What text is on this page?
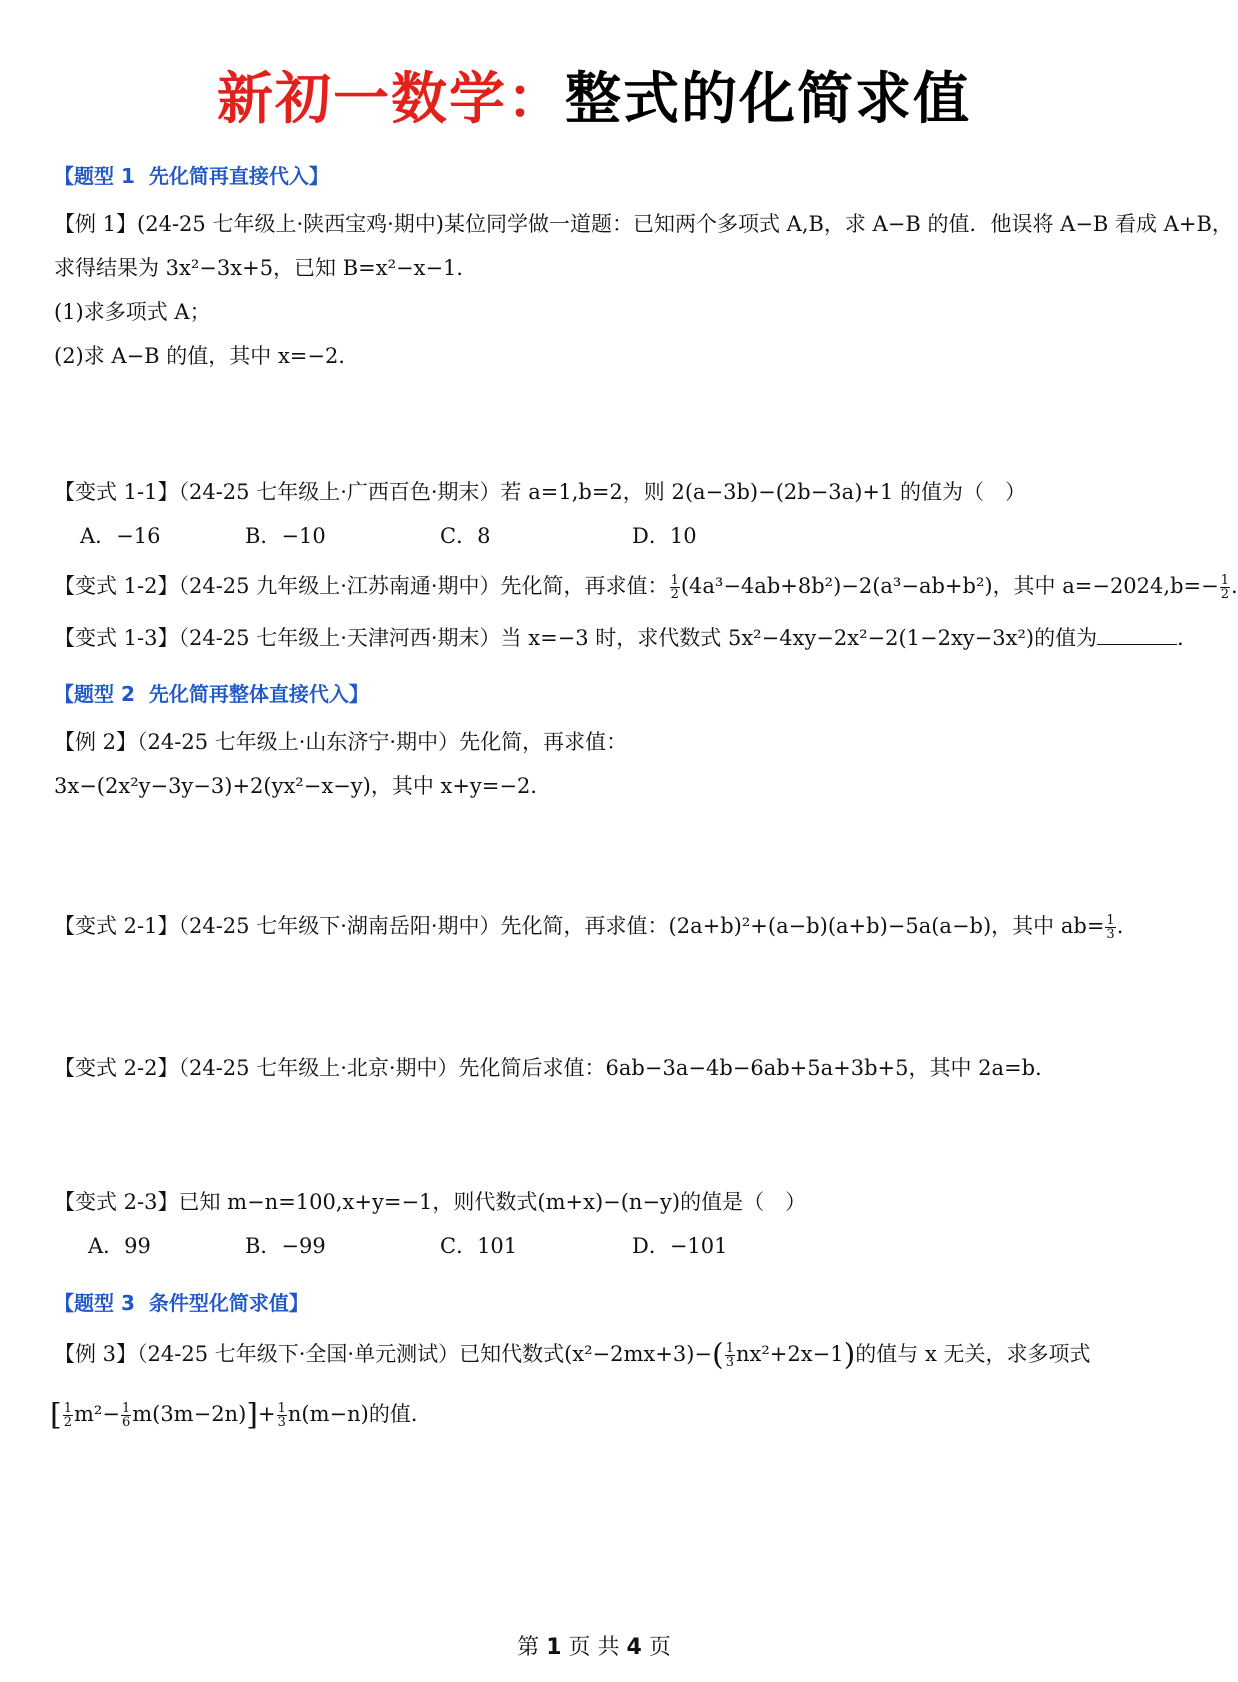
新初一数学：整式的化简求值
【题型 1 先化简再直接代入】
【例 1】(24-25 七年级上·陕西宝鸡·期中)某位同学做一道题：已知两个多项式 A,B，求 A−B 的值．他误将 A−B 看成 A+B，
求得结果为 3x²−3x+5，已知 B=x²−x−1．
(1)求多项式 A；
(2)求 A−B 的值，其中 x=−2．
【变式 1-1】（24-25 七年级上·广西百色·期末）若 a=1,b=2，则 2(a−3b)−(2b−3a)+1 的值为（　）
A．−16	B．−10	C．8	D．10
【变式 1-2】（24-25 九年级上·江苏南通·期中）先化简，再求值： $\frac{1}{2} (4a^3-4ab+8b^2)-2(a^3-ab+b^2)$，其中 $a=-2024,b=- \frac{1}{2}$ .
【变式 1-3】（24-25 七年级上·天津河西·期末）当 x=−3 时，求代数式 5x²−4xy−2x²−2(1−2xy−3x²)的值为	．
【题型 2 先化简再整体直接代入】
【例 2】（24-25 七年级上·山东济宁·期中）先化简，再求值：
3x−(2x²y−3y−3)+2(yx²−x−y)，其中 x+y=−2．
【变式 2-1】（24-25 七年级下·湖南岳阳·期中）先化简，再求值：(2a+b)²+(a−b)(a+b)−5a(a−b)，其中 $ab= \frac{1}{3}$ .
【变式 2-2】（24-25 七年级上·北京·期中）先化简后求值：6ab−3a−4b−6ab+5a+3b+5，其中 2a=b．
【变式 2-3】已知 m−n=100,x+y=−1，则代数式(m+x)−(n−y)的值是（　）
A．99	B．−99	C．101	D．−101
【题型 3 条件型化简求值】
【例 3】（24-25 七年级下·全国·单元测试）已知代数式$(x^2-2mx+3)-( \frac{1}{3} nx^2+2x-1)$的值与 x 无关，求多项式
[ $\frac{1}{2} m^2- \frac{1}{6} m(3m-2n)]+ \frac{1}{3} n(m-n)$的值．
第 1 页 共 4 页
